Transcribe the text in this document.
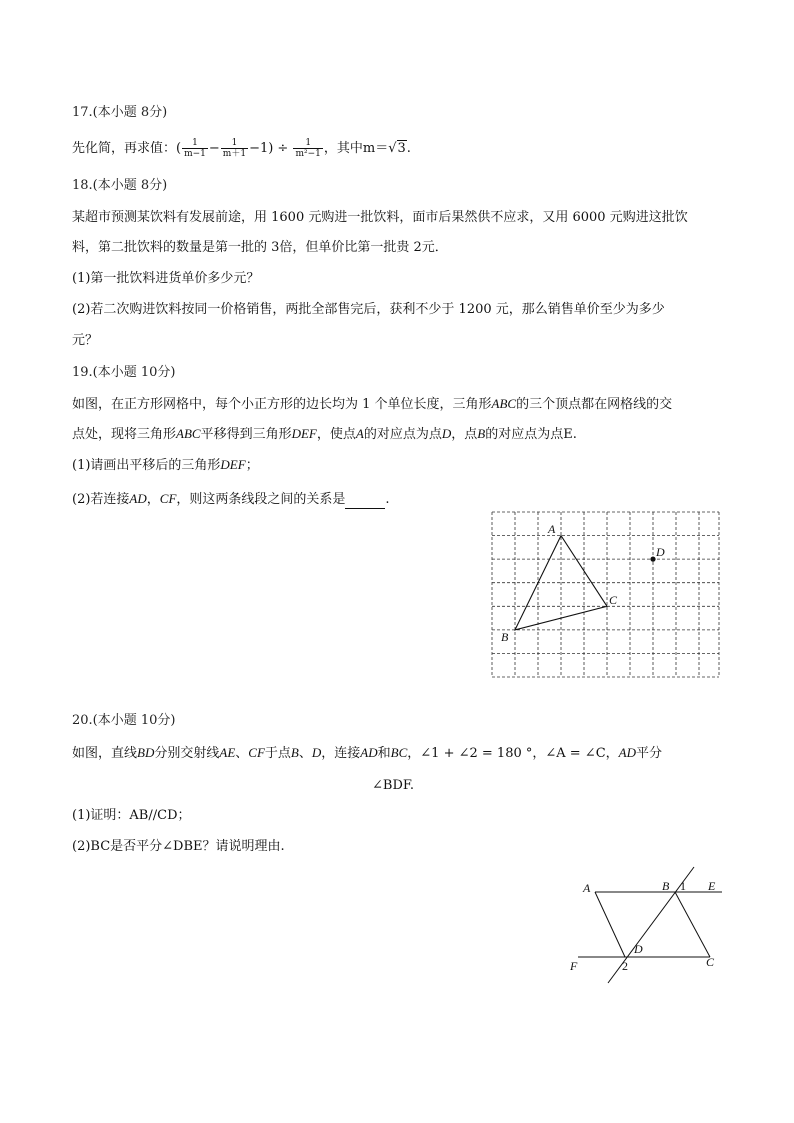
17.(本小题 8分)
先化简，再求值：( $\frac{1}{m-1} - \frac{1}{m+1} -1) \div \frac{1}{\text{m²−1}}$ ，其中m＝√3.
18.(本小题 8分)
某超市预测某饮料有发展前途，用 1600 元购进一批饮料，面市后果然供不应求，又用 6000 元购进这批饮
料，第二批饮料的数量是第一批的 3倍，但单价比第一批贵 2元．
(1)第一批饮料进货单价多少元？
(2)若二次购进饮料按同一价格销售，两批全部售完后，获利不少于 1200 元，那么销售单价至少为多少
元？
19.(本小题 10分)
如图，在正方形网格中，每个小正方形的边长均为 1 个单位长度，三角形ABC的三个顶点都在网格线的交
点处，现将三角形ABC平移得到三角形DEF，使点A的对应点为点D，点B的对应点为点E.
(1)请画出平移后的三角形DEF；
(2)若连接AD，CF，则这两条线段之间的关系是	.
A
B
C
D
20.(本小题 10分)
如图，直线BD分别交射线AE、CF于点B、D，连接AD和BC，∠1 + ∠2 = 180 °，∠A = ∠C，AD平分
∠BDF.
(1)证明：AB//CD；
(2)BC是否平分∠DBE？请说明理由.
A	B 1 E
D
F	2	C
